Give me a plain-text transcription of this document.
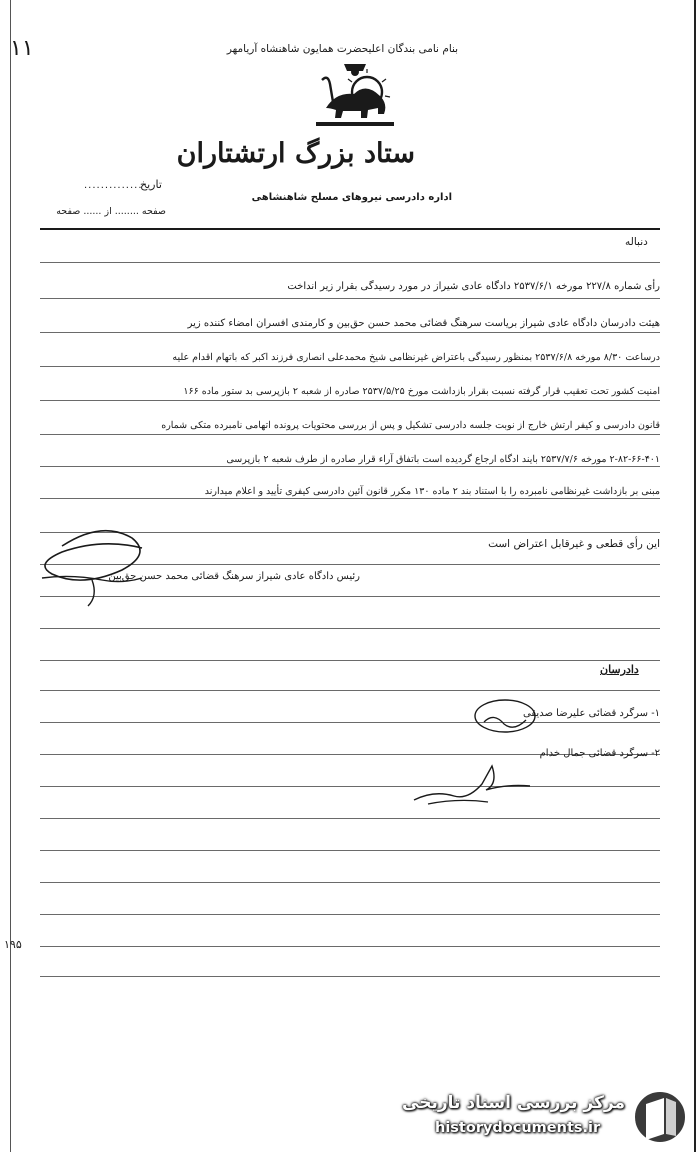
بنام نامی بندگان اعلیحضرت همایون شاهنشاه آریامهر
۱۱
ستاد بزرگ ارتشتاران
اداره دادرسی نیروهای مسلح شاهنشاهی
تاریخ
..............
صفحه ........ از ...... صفحه
دنباله
رأی شماره ۲۲۷/۸ مورخه ۲۵۳۷/۶/۱ دادگاه عادی شیراز در مورد رسیدگی بقرار زیر انداخت
هیئت دادرسان دادگاه عادی شیراز بریاست سرهنگ قضائی محمد حسن حق‌بین و کارمندی افسران امضاء کننده زیر
درساعت ۸/۳۰ مورخه ۲۵۳۷/۶/۸ بمنظور رسیدگی باعتراض غیرنظامی شیخ محمدعلی انصاری فرزند اکبر که باتهام اقدام علیه
امنیت کشور تحت تعقیب قرار گرفته نسبت بقرار بازداشت مورخ ۲۵۳۷/۵/۲۵ صادره از شعبه ۲ بازپرسی بد ستور ماده ۱۶۶
قانون دادرسی و کیفر ارتش خارج از نوبت جلسه دادرسی تشکیل و پس از بررسی محتویات پرونده اتهامی نامبرده متکی شماره
۲-۸۲-۶۶-۴۰۱ مورخه ۲۵۳۷/۷/۶ بایند ادگاه ارجاع گردیده است باتفاق آراء قرار صادره از طرف شعبه ۲ بازپرسی
مبنی بر بازداشت غیرنظامی نامبرده را با استناد بند ۲ ماده ۱۳۰ مکرر قانون آئین دادرسی کیفری تأیید و اعلام میدارند
این رأی قطعی و غیرقابل اعتراض است
رئیس دادگاه عادی شیراز سرهنگ قضائی محمد حسن حق‌بین
دادرسان
۱- سرگرد قضائی علیرضا صدیقی
۲- سرگرد قضائی جمال خدام
۱۹۵
مرکز بررسی اسناد تاریخی
historydocuments.ir
